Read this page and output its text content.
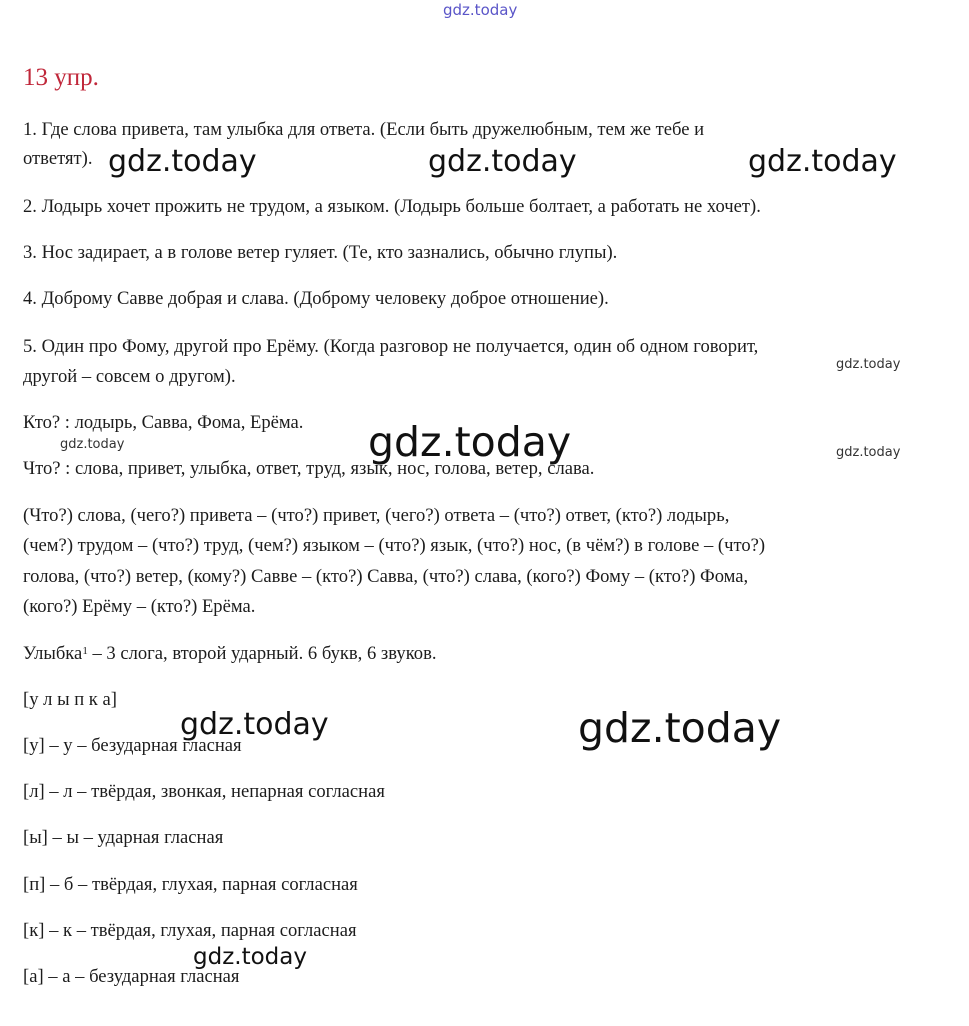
gdz.today
13 упр.
1. Где слова привета, там улыбка для ответа. (Если быть дружелюбным, тем же тебе и
ответят).
2. Лодырь хочет прожить не трудом, а языком. (Лодырь больше болтает, а работать не хочет).
3. Нос задирает, а в голове ветер гуляет. (Те, кто зазнались, обычно глупы).
4. Доброму Савве добрая и слава. (Доброму человеку доброе отношение).
5. Один про Фому, другой про Ерёму. (Когда разговор не получается, один об одном говорит,
другой – совсем о другом).
Кто? : лодырь, Савва, Фома, Ерёма.
Что? : слова, привет, улыбка, ответ, труд, язык, нос, голова, ветер, слава.
(Что?) слова, (чего?) привета – (что?) привет, (чего?) ответа – (что?) ответ, (кто?) лодырь,
(чем?) трудом – (что?) труд, (чем?) языком – (что?) язык, (что?) нос, (в чём?) в голове – (что?)
голова, (что?) ветер, (кому?) Савве – (кто?) Савва, (что?) слава, (кого?) Фому – (кто?) Фома,
(кого?) Ерёму – (кто?) Ерёма.
Улыбка$^1$ – 3 слога, второй ударный. 6 букв, 6 звуков.
[у л ы п к а]
[у] – у – безударная гласная
[л] – л – твёрдая, звонкая, непарная согласная
[ы] – ы – ударная гласная
[п] – б – твёрдая, глухая, парная согласная
[к] – к – твёрдая, глухая, парная согласная
[а] – а – безударная гласная
gdz.today	gdz.today	gdz.today
gdz.today
gdz.today	gdz.today	gdz.today
gdz.today	gdz.today
gdz.today
